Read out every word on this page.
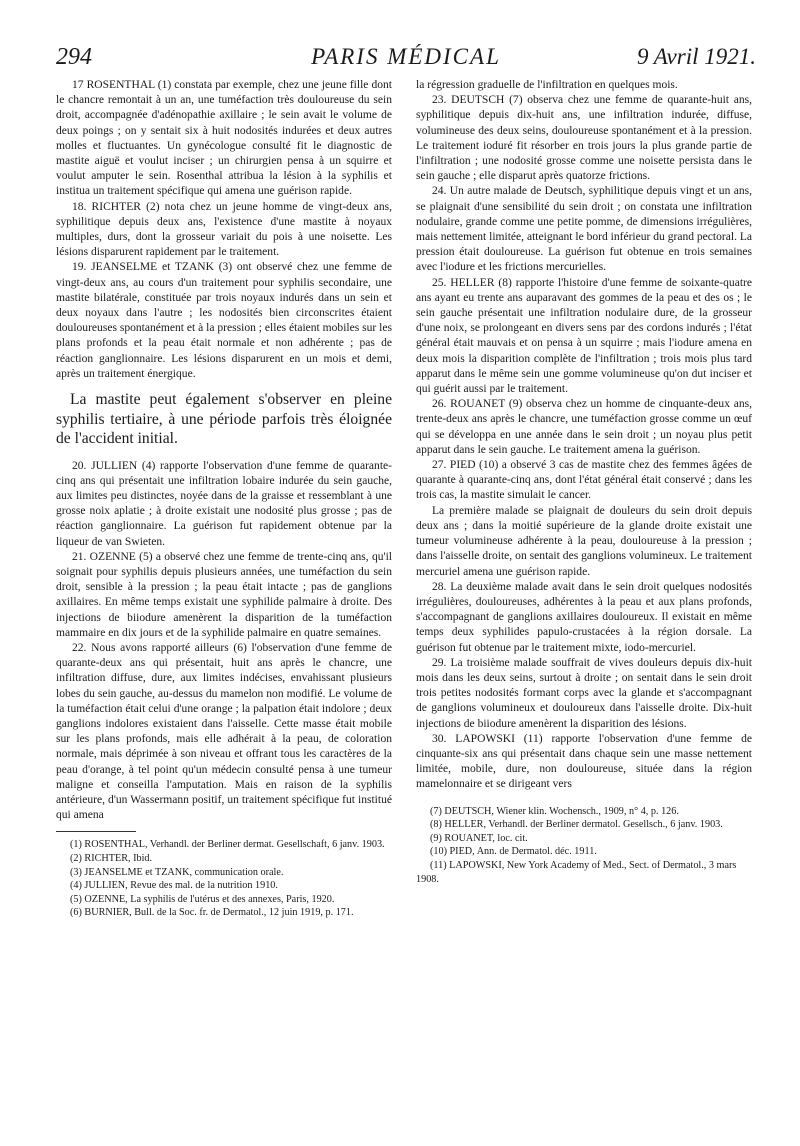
294	PARIS MÉDICAL	9 Avril 1921.

17 ROSENTHAL (1) constata par exemple, chez une jeune fille dont le chancre remontait à un an, une tuméfaction très douloureuse du sein droit, accompagnée d'adénopathie axillaire ; le sein avait le volume de deux poings ; on y sentait six à huit nodosités indurées et deux autres molles et fluctuantes. Un gynécologue consulté fit le diagnostic de mastite aiguë et voulut inciser ; un chirurgien pensa à un squirre et voulut amputer le sein. Rosenthal attribua la lésion à la syphilis et institua un traitement spécifique qui amena une guérison rapide.

18. RICHTER (2) nota chez un jeune homme de vingt-deux ans, syphilitique depuis deux ans, l'existence d'une mastite à noyaux multiples, durs, dont la grosseur variait du pois à une noisette. Les lésions disparurent rapidement par le traitement.

19. JEANSELME et TZANK (3) ont observé chez une femme de vingt-deux ans, au cours d'un traitement pour syphilis secondaire, une mastite bilatérale, constituée par trois noyaux indurés dans un sein et deux noyaux dans l'autre ; les nodosités bien circonscrites étaient douloureuses spontanément et à la pression ; elles étaient mobiles sur les plans profonds et la peau était normale et non adhérente ; pas de réaction ganglionnaire. Les lésions disparurent en un mois et demi, après un traitement énergique.

La mastite peut également s'observer en pleine syphilis tertiaire, à une période parfois très éloignée de l'accident initial.

20. JULLIEN (4) rapporte l'observation d'une femme de quarante-cinq ans qui présentait une infiltration lobaire indurée du sein gauche, aux limites peu distinctes, noyée dans de la graisse et ressemblant à une grosse noix aplatie ; à droite existait une nodosité plus grosse ; pas de réaction ganglionnaire. La guérison fut rapidement obtenue par la liqueur de van Swieten.

21. OZENNE (5) a observé chez une femme de trente-cinq ans, qu'il soignait pour syphilis depuis plusieurs années, une tuméfaction du sein droit, sensible à la pression ; la peau était intacte ; pas de ganglions axillaires. En même temps existait une syphilide palmaire à droite. Des injections de biiodure amenèrent la disparition de la tuméfaction mammaire en dix jours et de la syphilide palmaire en quatre semaines.

22. Nous avons rapporté ailleurs (6) l'observation d'une femme de quarante-deux ans qui présentait, huit ans après le chancre, une infiltration diffuse, dure, aux limites indécises, envahissant plusieurs lobes du sein gauche, au-dessus du mamelon non modifié. Le volume de la tuméfaction était celui d'une orange ; la palpation était indolore ; deux ganglions indolores existaient dans l'aisselle. Cette masse était mobile sur les plans profonds, mais elle adhérait à la peau, de coloration normale, mais déprimée à son niveau et offrant tous les caractères de la peau d'orange, à tel point qu'un médecin consulté pensa à une tumeur maligne et conseilla l'amputation. Mais en raison de la syphilis antérieure, d'un Wassermann positif, un traitement spécifique fut institué qui amena

(1) ROSENTHAL, Verhandl. der Berliner dermat. Gesellschaft, 6 janv. 1903.

(2) RICHTER, Ibid.

(3) JEANSELME et TZANK, communication orale.

(4) JULLIEN, Revue des mal. de la nutrition 1910.

(5) OZENNE, La syphilis de l'utérus et des annexes, Paris, 1920.

(6) BURNIER, Bull. de la Soc. fr. de Dermatol., 12 juin 1919, p. 171.

la régression graduelle de l'infiltration en quelques mois.

23. DEUTSCH (7) observa chez une femme de quarante-huit ans, syphilitique depuis dix-huit ans, une infiltration indurée, diffuse, volumineuse des deux seins, douloureuse spontanément et à la pression. Le traitement ioduré fit résorber en trois jours la plus grande partie de l'infiltration ; une nodosité grosse comme une noisette persista dans le sein gauche ; elle disparut après quatorze frictions.

24. Un autre malade de Deutsch, syphilitique depuis vingt et un ans, se plaignait d'une sensibilité du sein droit ; on constata une infiltration nodulaire, grande comme une petite pomme, de dimensions irrégulières, mais nettement limitée, atteignant le bord inférieur du grand pectoral. La pression était douloureuse. La guérison fut obtenue en trois semaines avec l'iodure et les frictions mercurielles.

25. HELLER (8) rapporte l'histoire d'une femme de soixante-quatre ans ayant eu trente ans auparavant des gommes de la peau et des os ; le sein gauche présentait une infiltration nodulaire dure, de la grosseur d'une noix, se prolongeant en divers sens par des cordons indurés ; l'état général était mauvais et on pensa à un squirre ; mais l'iodure amena en deux mois la disparition complète de l'infiltration ; trois mois plus tard apparut dans le même sein une gomme volumineuse qu'on dut inciser et qui guérit aussi par le traitement.

26. ROUANET (9) observa chez un homme de cinquante-deux ans, trente-deux ans après le chancre, une tuméfaction grosse comme un œuf qui se développa en une année dans le sein droit ; un noyau plus petit apparut dans le sein gauche. Le traitement amena la guérison.

27. PIED (10) a observé 3 cas de mastite chez des femmes âgées de quarante à quarante-cinq ans, dont l'état général était conservé ; dans les trois cas, la mastite simulait le cancer.

La première malade se plaignait de douleurs du sein droit depuis deux ans ; dans la moitié supérieure de la glande droite existait une tumeur volumineuse adhérente à la peau, douloureuse à la pression ; dans l'aisselle droite, on sentait des ganglions volumineux. Le traitement mercuriel amena une guérison rapide.

28. La deuxième malade avait dans le sein droit quelques nodosités irrégulières, douloureuses, adhérentes à la peau et aux plans profonds, s'accompagnant de ganglions axillaires douloureux. Il existait en même temps deux syphilides papulo-crustacées à la région dorsale. La guérison fut obtenue par le traitement mixte, iodo-mercuriel.

29. La troisième malade souffrait de vives douleurs depuis dix-huit mois dans les deux seins, surtout à droite ; on sentait dans le sein droit trois petites nodosités formant corps avec la glande et s'accompagnant de ganglions volumineux et douloureux dans l'aisselle droite. Dix-huit injections de biiodure amenèrent la disparition des lésions.

30. LAPOWSKI (11) rapporte l'observation d'une femme de cinquante-six ans qui présentait dans chaque sein une masse nettement limitée, mobile, dure, non douloureuse, située dans la région mamelonnaire et se dirigeant vers

(7) DEUTSCH, Wiener klin. Wochensch., 1909, n° 4, p. 126.

(8) HELLER, Verhandl. der Berliner dermatol. Gesellsch., 6 janv. 1903.

(9) ROUANET, loc. cit.

(10) PIED, Ann. de Dermatol. déc. 1911.

(11) LAPOWSKI, New York Academy of Med., Sect. of Dermatol., 3 mars 1908.
